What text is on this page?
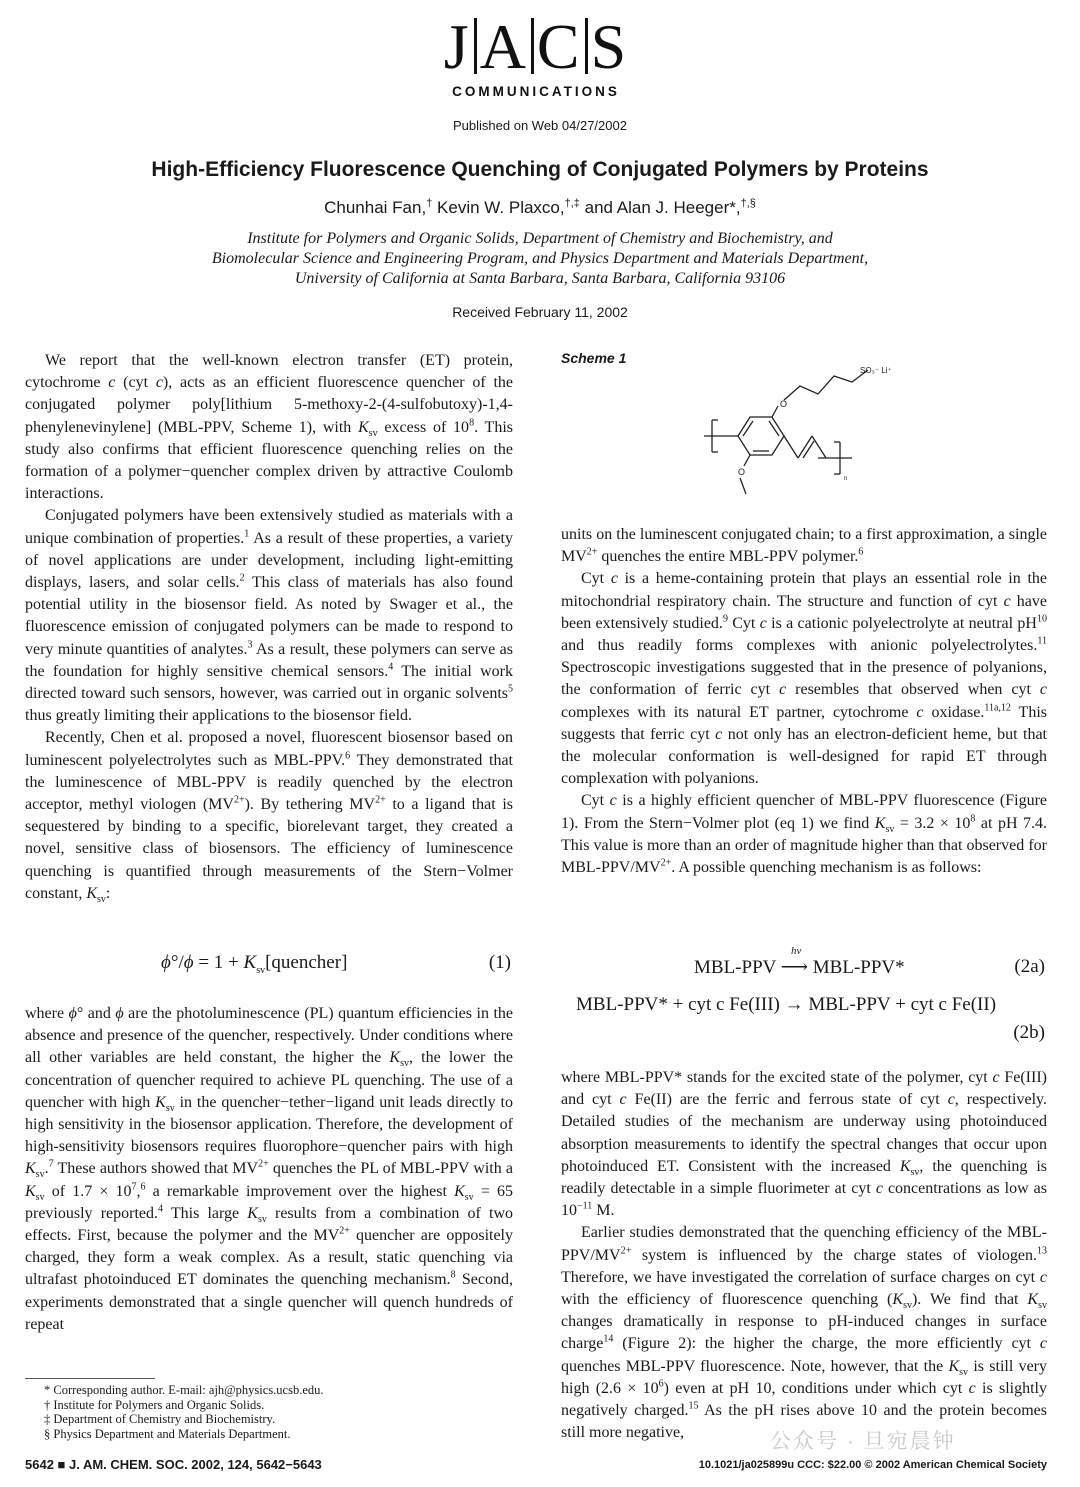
J A C S
COMMUNICATIONS
Published on Web 04/27/2002
High-Efficiency Fluorescence Quenching of Conjugated Polymers by Proteins
Chunhai Fan,† Kevin W. Plaxco,†,‡ and Alan J. Heeger*,†,§
Institute for Polymers and Organic Solids, Department of Chemistry and Biochemistry, and
Biomolecular Science and Engineering Program, and Physics Department and Materials Department,
University of California at Santa Barbara, Santa Barbara, California 93106
Received February 11, 2002

We report that the well-known electron transfer (ET) protein, cytochrome c (cyt c), acts as an efficient fluorescence quencher of the conjugated polymer poly[lithium 5-methoxy-2-(4-sulfobutoxy)-1,4-phenylenevinylene] (MBL-PPV, Scheme 1), with $K_{sv}$ excess of $10^8$. This study also confirms that efficient fluorescence quenching relies on the formation of a polymer−quencher complex driven by attractive Coulomb interactions.

Conjugated polymers have been extensively studied as materials with a unique combination of properties.$^1$ As a result of these properties, a variety of novel applications are under development, including light-emitting displays, lasers, and solar cells.$^2$ This class of materials has also found potential utility in the biosensor field. As noted by Swager et al., the fluorescence emission of conjugated polymers can be made to respond to very minute quantities of analytes.$^3$ As a result, these polymers can serve as the foundation for highly sensitive chemical sensors.$^4$ The initial work directed toward such sensors, however, was carried out in organic solvents$^5$ thus greatly limiting their applications to the biosensor field.

Recently, Chen et al. proposed a novel, fluorescent biosensor based on luminescent polyelectrolytes such as MBL-PPV.$^6$ They demonstrated that the luminescence of MBL-PPV is readily quenched by the electron acceptor, methyl viologen $(MV^{2+})$. By tethering $MV^{2+}$ to a ligand that is sequestered by binding to a specific, biorelevant target, they created a novel, sensitive class of biosensors. The efficiency of luminescence quenching is quantified through measurements of the Stern−Volmer constant, $K_{sv}$:

$\phi^\circ/\phi = 1 + K_{sv}[quencher]$	(1)

where ϕ° and ϕ are the photoluminescence (PL) quantum efficiencies in the absence and presence of the quencher, respectively. Under conditions where all other variables are held constant, the higher the $K_{sv}$, the lower the concentration of quencher required to achieve PL quenching. The use of a quencher with high $K_{sv}$ in the quencher−tether−ligand unit leads directly to high sensitivity in the biosensor application. Therefore, the development of high-sensitivity biosensors requires fluorophore−quencher pairs with high $K_{sv}.^7$ These authors showed that $MV^{2+}$ quenches the PL of MBL-PPV with a $K_{sv}$ of $1.7 \times 10^7,^6$ a remarkable improvement over the highest $K_{sv} = 65$ previously reported.$^4$ This large $K_{sv}$ results from a combination of two effects. First, because the polymer and the $MV^{2+}$ quencher are oppositely charged, they form a weak complex. As a result, static quenching via ultrafast photoinduced ET dominates the quenching mechanism.$^8$ Second, experiments demonstrated that a single quencher will quench hundreds of repeat

* Corresponding author. E-mail: ajh@physics.ucsb.edu.
† Institute for Polymers and Organic Solids.
‡ Department of Chemistry and Biochemistry.
§ Physics Department and Materials Department.
Scheme 1
O
O
n
SO₃⁻ Li⁺

units on the luminescent conjugated chain; to a first approximation, a single $MV^{2+}$ quenches the entire MBL-PPV polymer.$^6$

Cyt c is a heme-containing protein that plays an essential role in the mitochondrial respiratory chain. The structure and function of cyt c have been extensively studied.$^9$ Cyt c is a cationic polyelectrolyte at neutral $pH^{10}$ and thus readily forms complexes with anionic polyelectrolytes.$^{11}$ Spectroscopic investigations suggested that in the presence of polyanions, the conformation of ferric cyt c resembles that observed when cyt c complexes with its natural ET partner, cytochrome c oxidase.$^{11a,12}$ This suggests that ferric cyt c not only has an electron-deficient heme, but that the molecular conformation is well-designed for rapid ET through complexation with polyanions.

Cyt c is a highly efficient quencher of MBL-PPV fluorescence (Figure 1). From the Stern−Volmer plot (eq 1) we find $K_{sv} = 3.2 \times 10^8$ at pH 7.4. This value is more than an order of magnitude higher than that observed for MBL-$PPV/MV^{2+}$. A possible quenching mechanism is as follows:

MBL-PPV ⟶ MBL-PPV*
hν
(2a)
MBL-PPV* + cyt c Fe(III) → MBL-PPV + cyt c Fe(II)
(2b)

where MBL-PPV* stands for the excited state of the polymer, cyt c Fe(III) and cyt c Fe(II) are the ferric and ferrous state of cyt c, respectively. Detailed studies of the mechanism are underway using photoinduced absorption measurements to identify the spectral changes that occur upon photoinduced ET. Consistent with the increased $K_{sv}$, the quenching is readily detectable in a simple fluorimeter at cyt c concentrations as low as $10^{-11}$ M.

Earlier studies demonstrated that the quenching efficiency of the MBL-$PPV/MV^{2+}$ system is influenced by the charge states of viologen.$^{13}$ Therefore, we have investigated the correlation of surface charges on cyt c with the efficiency of fluorescence quenching $(K_{sv})$. We find that $K_{sv}$ changes dramatically in response to pH-induced changes in surface charge$^{14}$ (Figure 2): the higher the charge, the more efficiently cyt c quenches MBL-PPV fluorescence. Note, however, that the $K_{sv}$ is still very high $(2.6 \times 10^6)$ even at pH 10, conditions under which cyt c is slightly negatively charged.$^{15}$ As the pH rises above 10 and the protein becomes still more negative,	公众号 · 旦宛晨钟
5642 ■ J. AM. CHEM. SOC. 2002, 124, 5642−5643	10.1021/ja025899u CCC: $22.00 © 2002 American Chemical Society
